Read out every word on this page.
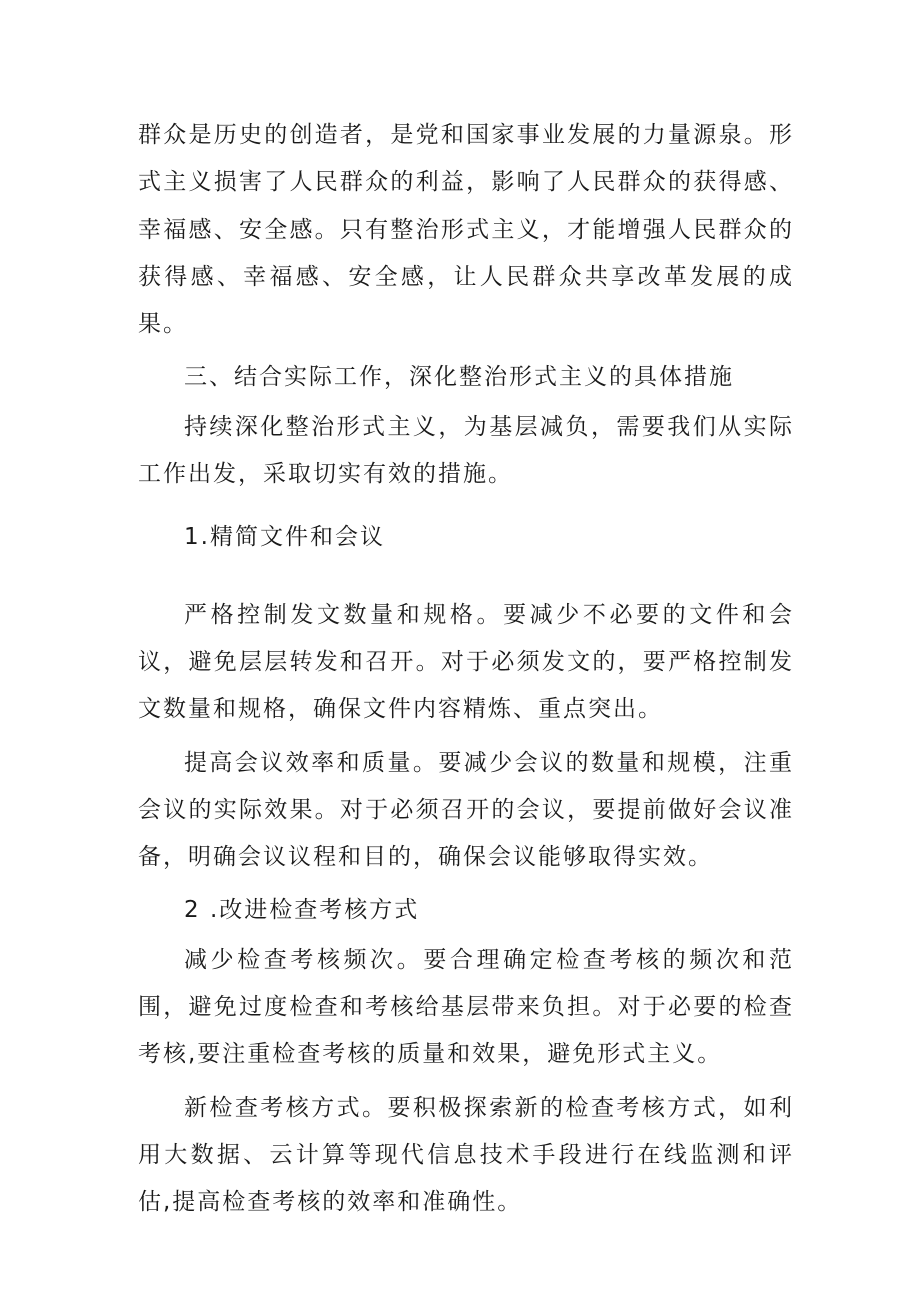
群众是历史的创造者，是党和国家事业发展的力量源泉。形式主义损害了人民群众的利益，影响了人民群众的获得感、幸福感、安全感。只有整治形式主义，才能增强人民群众的获得感、幸福感、安全感，让人民群众共享改革发展的成果。

三、结合实际工作，深化整治形式主义的具体措施

持续深化整治形式主义，为基层减负，需要我们从实际工作出发，采取切实有效的措施。

1.精简文件和会议

严格控制发文数量和规格。要减少不必要的文件和会议，避免层层转发和召开。对于必须发文的，要严格控制发文数量和规格，确保文件内容精炼、重点突出。

提高会议效率和质量。要减少会议的数量和规模，注重会议的实际效果。对于必须召开的会议，要提前做好会议准备，明确会议议程和目的，确保会议能够取得实效。

2 .改进检查考核方式

减少检查考核频次。要合理确定检查考核的频次和范围，避免过度检查和考核给基层带来负担。对于必要的检查考核,要注重检查考核的质量和效果，避免形式主义。

新检查考核方式。要积极探索新的检查考核方式，如利用大数据、云计算等现代信息技术手段进行在线监测和评估,提高检查考核的效率和准确性。
